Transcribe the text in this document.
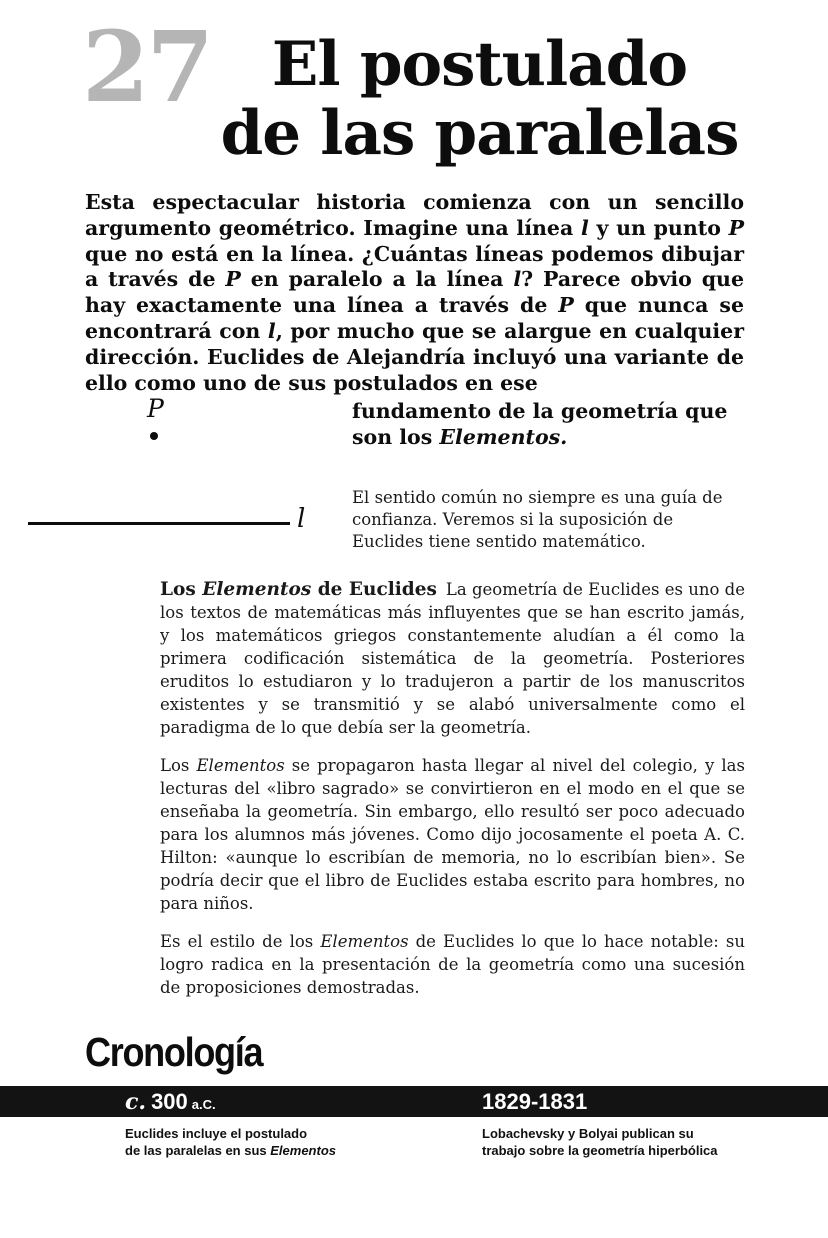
27 El postulado
de las paralelas

Esta espectacular historia comienza con un sencillo argumento geométrico. Imagine una línea l y un punto P que no está en la línea. ¿Cuántas líneas podemos dibujar a través de P en paralelo a la línea l? Parece obvio que hay exactamente una línea a través de P que nunca se encontrará con l, por mucho que se alargue en cualquier dirección. Euclides de Alejandría incluyó una variante de ello como uno de sus postulados en ese

P
l
fundamento de la geometría que son los Elementos.
El sentido común no siempre es una guía de confianza. Veremos si la suposición de Euclides tiene sentido matemático.

Los Elementos de Euclides La geometría de Euclides es uno de los textos de matemáticas más influyentes que se han escrito jamás, y los matemáticos griegos constantemente aludían a él como la primera codificación sistemática de la geometría. Posteriores eruditos lo estudiaron y lo tradujeron a partir de los manuscritos existentes y se transmitió y se alabó universalmente como el paradigma de lo que debía ser la geometría.

Los Elementos se propagaron hasta llegar al nivel del colegio, y las lecturas del «libro sagrado» se convirtieron en el modo en el que se enseñaba la geometría. Sin embargo, ello resultó ser poco adecuado para los alumnos más jóvenes. Como dijo jocosamente el poeta A. C. Hilton: «aunque lo escribían de memoria, no lo escribían bien». Se podría decir que el libro de Euclides estaba escrito para hombres, no para niños.

Es el estilo de los Elementos de Euclides lo que lo hace notable: su logro radica en la presentación de la geometría como una sucesión de proposiciones demostradas.

Cronología
c. 300 a.C.	1829-1831
Euclides incluye el postulado
de las paralelas en sus Elementos
Lobachevsky y Bolyai publican su
trabajo sobre la geometría hiperbólica
